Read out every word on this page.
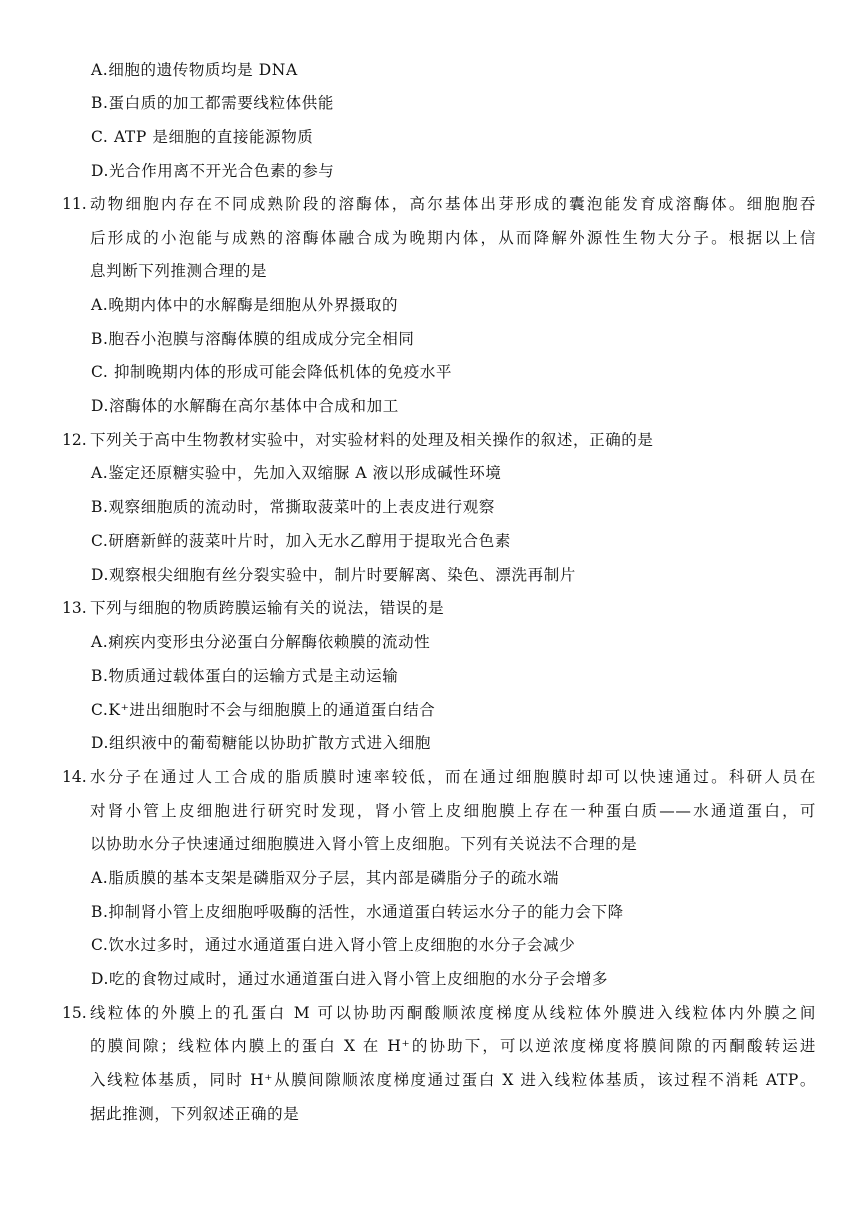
A.细胞的遗传物质均是 DNA
B.蛋白质的加工都需要线粒体供能
C. ATP 是细胞的直接能源物质
D.光合作用离不开光合色素的参与
11. 动物细胞内存在不同成熟阶段的溶酶体，高尔基体出芽形成的囊泡能发育成溶酶体。细胞胞吞
后形成的小泡能与成熟的溶酶体融合成为晚期内体，从而降解外源性生物大分子。根据以上信
息判断下列推测合理的是
A.晚期内体中的水解酶是细胞从外界摄取的
B.胞吞小泡膜与溶酶体膜的组成成分完全相同
C. 抑制晚期内体的形成可能会降低机体的免疫水平
D.溶酶体的水解酶在高尔基体中合成和加工
12. 下列关于高中生物教材实验中，对实验材料的处理及相关操作的叙述，正确的是
A.鉴定还原糖实验中，先加入双缩脲 A 液以形成碱性环境
B.观察细胞质的流动时，常撕取菠菜叶的上表皮进行观察
C.研磨新鲜的菠菜叶片时，加入无水乙醇用于提取光合色素
D.观察根尖细胞有丝分裂实验中，制片时要解离、染色、漂洗再制片
13. 下列与细胞的物质跨膜运输有关的说法，错误的是
A.痢疾内变形虫分泌蛋白分解酶依赖膜的流动性
B.物质通过载体蛋白的运输方式是主动运输
C.K⁺进出细胞时不会与细胞膜上的通道蛋白结合
D.组织液中的葡萄糖能以协助扩散方式进入细胞
14. 水分子在通过人工合成的脂质膜时速率较低，而在通过细胞膜时却可以快速通过。科研人员在
对肾小管上皮细胞进行研究时发现，肾小管上皮细胞膜上存在一种蛋白质——水通道蛋白，可
以协助水分子快速通过细胞膜进入肾小管上皮细胞。下列有关说法不合理的是
A.脂质膜的基本支架是磷脂双分子层，其内部是磷脂分子的疏水端
B.抑制肾小管上皮细胞呼吸酶的活性，水通道蛋白转运水分子的能力会下降
C.饮水过多时，通过水通道蛋白进入肾小管上皮细胞的水分子会减少
D.吃的食物过咸时，通过水通道蛋白进入肾小管上皮细胞的水分子会增多
15. 线粒体的外膜上的孔蛋白 M 可以协助丙酮酸顺浓度梯度从线粒体外膜进入线粒体内外膜之间
的膜间隙；线粒体内膜上的蛋白 X 在 H⁺的协助下，可以逆浓度梯度将膜间隙的丙酮酸转运进
入线粒体基质，同时 H⁺从膜间隙顺浓度梯度通过蛋白 X 进入线粒体基质，该过程不消耗 ATP。
据此推测，下列叙述正确的是
